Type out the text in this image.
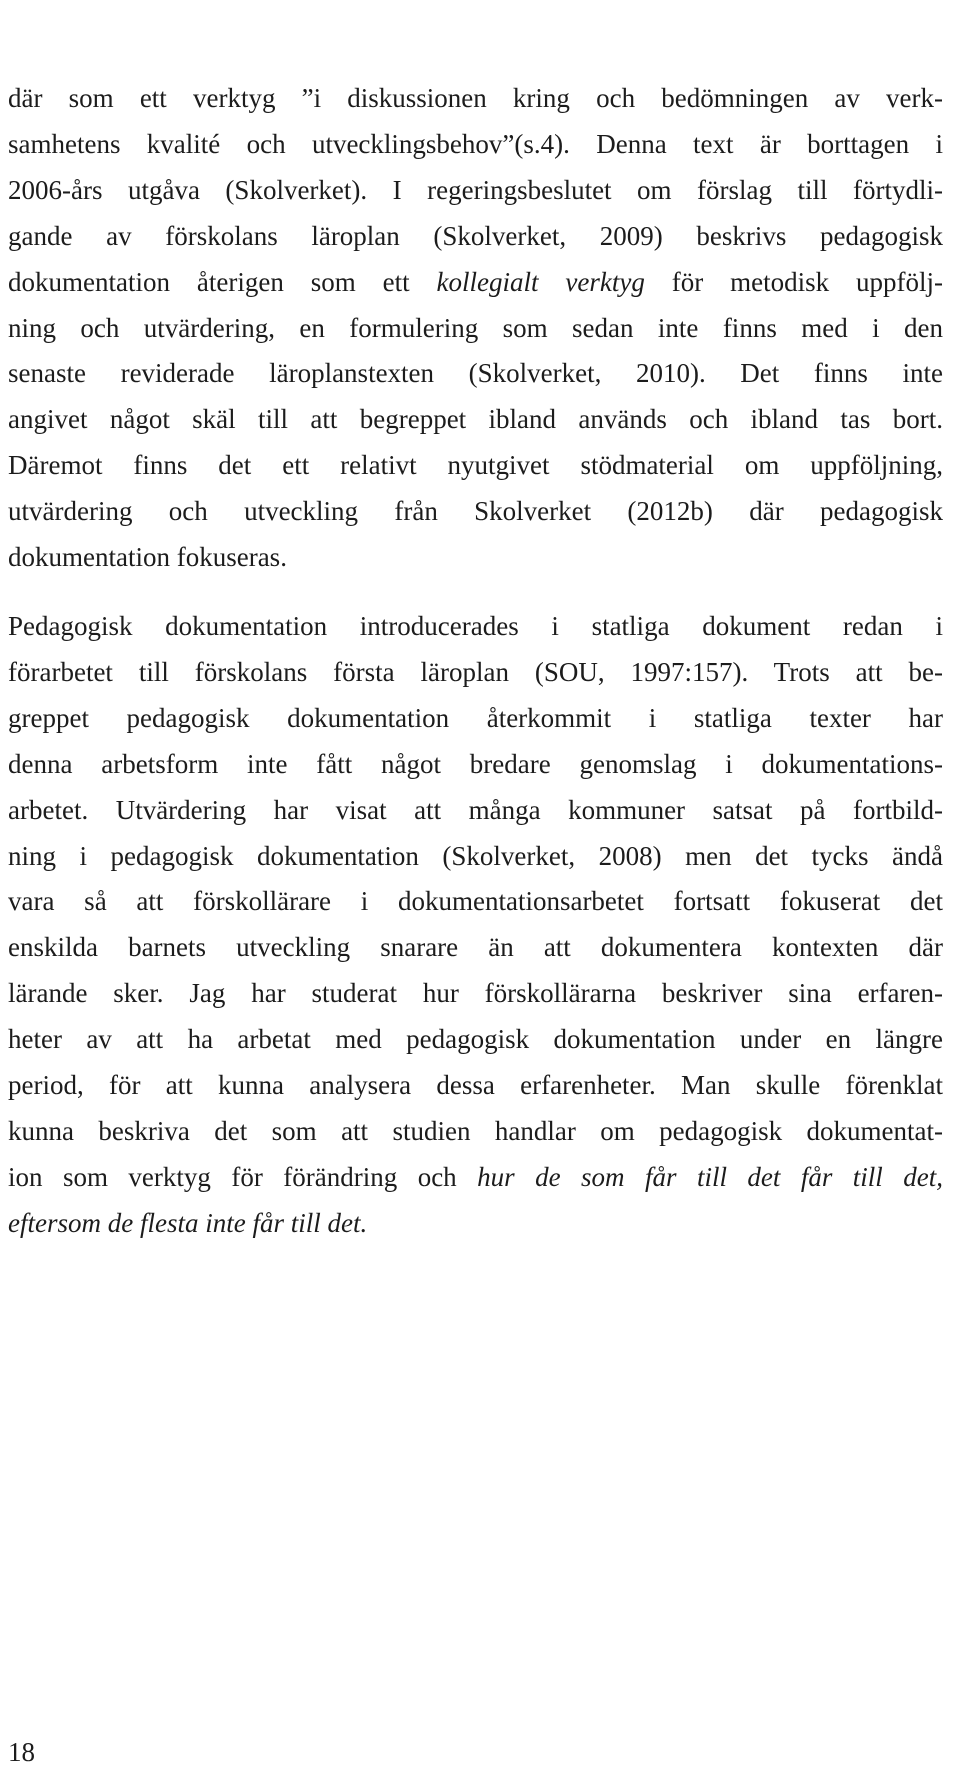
där som ett verktyg ”i diskussionen kring och bedömningen av verk-
samhetens kvalité och utvecklingsbehov”(s.4). Denna text är borttagen i
2006-års utgåva (Skolverket). I regeringsbeslutet om förslag till förtydli-
gande av förskolans läroplan (Skolverket, 2009) beskrivs pedagogisk
dokumentation återigen som ett kollegialt verktyg för metodisk uppfölj-
ning och utvärdering, en formulering som sedan inte finns med i den
senaste reviderade läroplanstexten (Skolverket, 2010). Det finns inte
angivet något skäl till att begreppet ibland används och ibland tas bort.
Däremot finns det ett relativt nyutgivet stödmaterial om uppföljning,
utvärdering och utveckling från Skolverket (2012b) där pedagogisk
dokumentation fokuseras.
Pedagogisk dokumentation introducerades i statliga dokument redan i
förarbetet till förskolans första läroplan (SOU, 1997:157). Trots att be-
greppet pedagogisk dokumentation återkommit i statliga texter har
denna arbetsform inte fått något bredare genomslag i dokumentations-
arbetet. Utvärdering har visat att många kommuner satsat på fortbild-
ning i pedagogisk dokumentation (Skolverket, 2008) men det tycks ändå
vara så att förskollärare i dokumentationsarbetet fortsatt fokuserat det
enskilda barnets utveckling snarare än att dokumentera kontexten där
lärande sker. Jag har studerat hur förskollärarna beskriver sina erfaren-
heter av att ha arbetat med pedagogisk dokumentation under en längre
period, för att kunna analysera dessa erfarenheter. Man skulle förenklat
kunna beskriva det som att studien handlar om pedagogisk dokumentat-
ion som verktyg för förändring och hur de som får till det får till det,
eftersom de flesta inte får till det.
18
